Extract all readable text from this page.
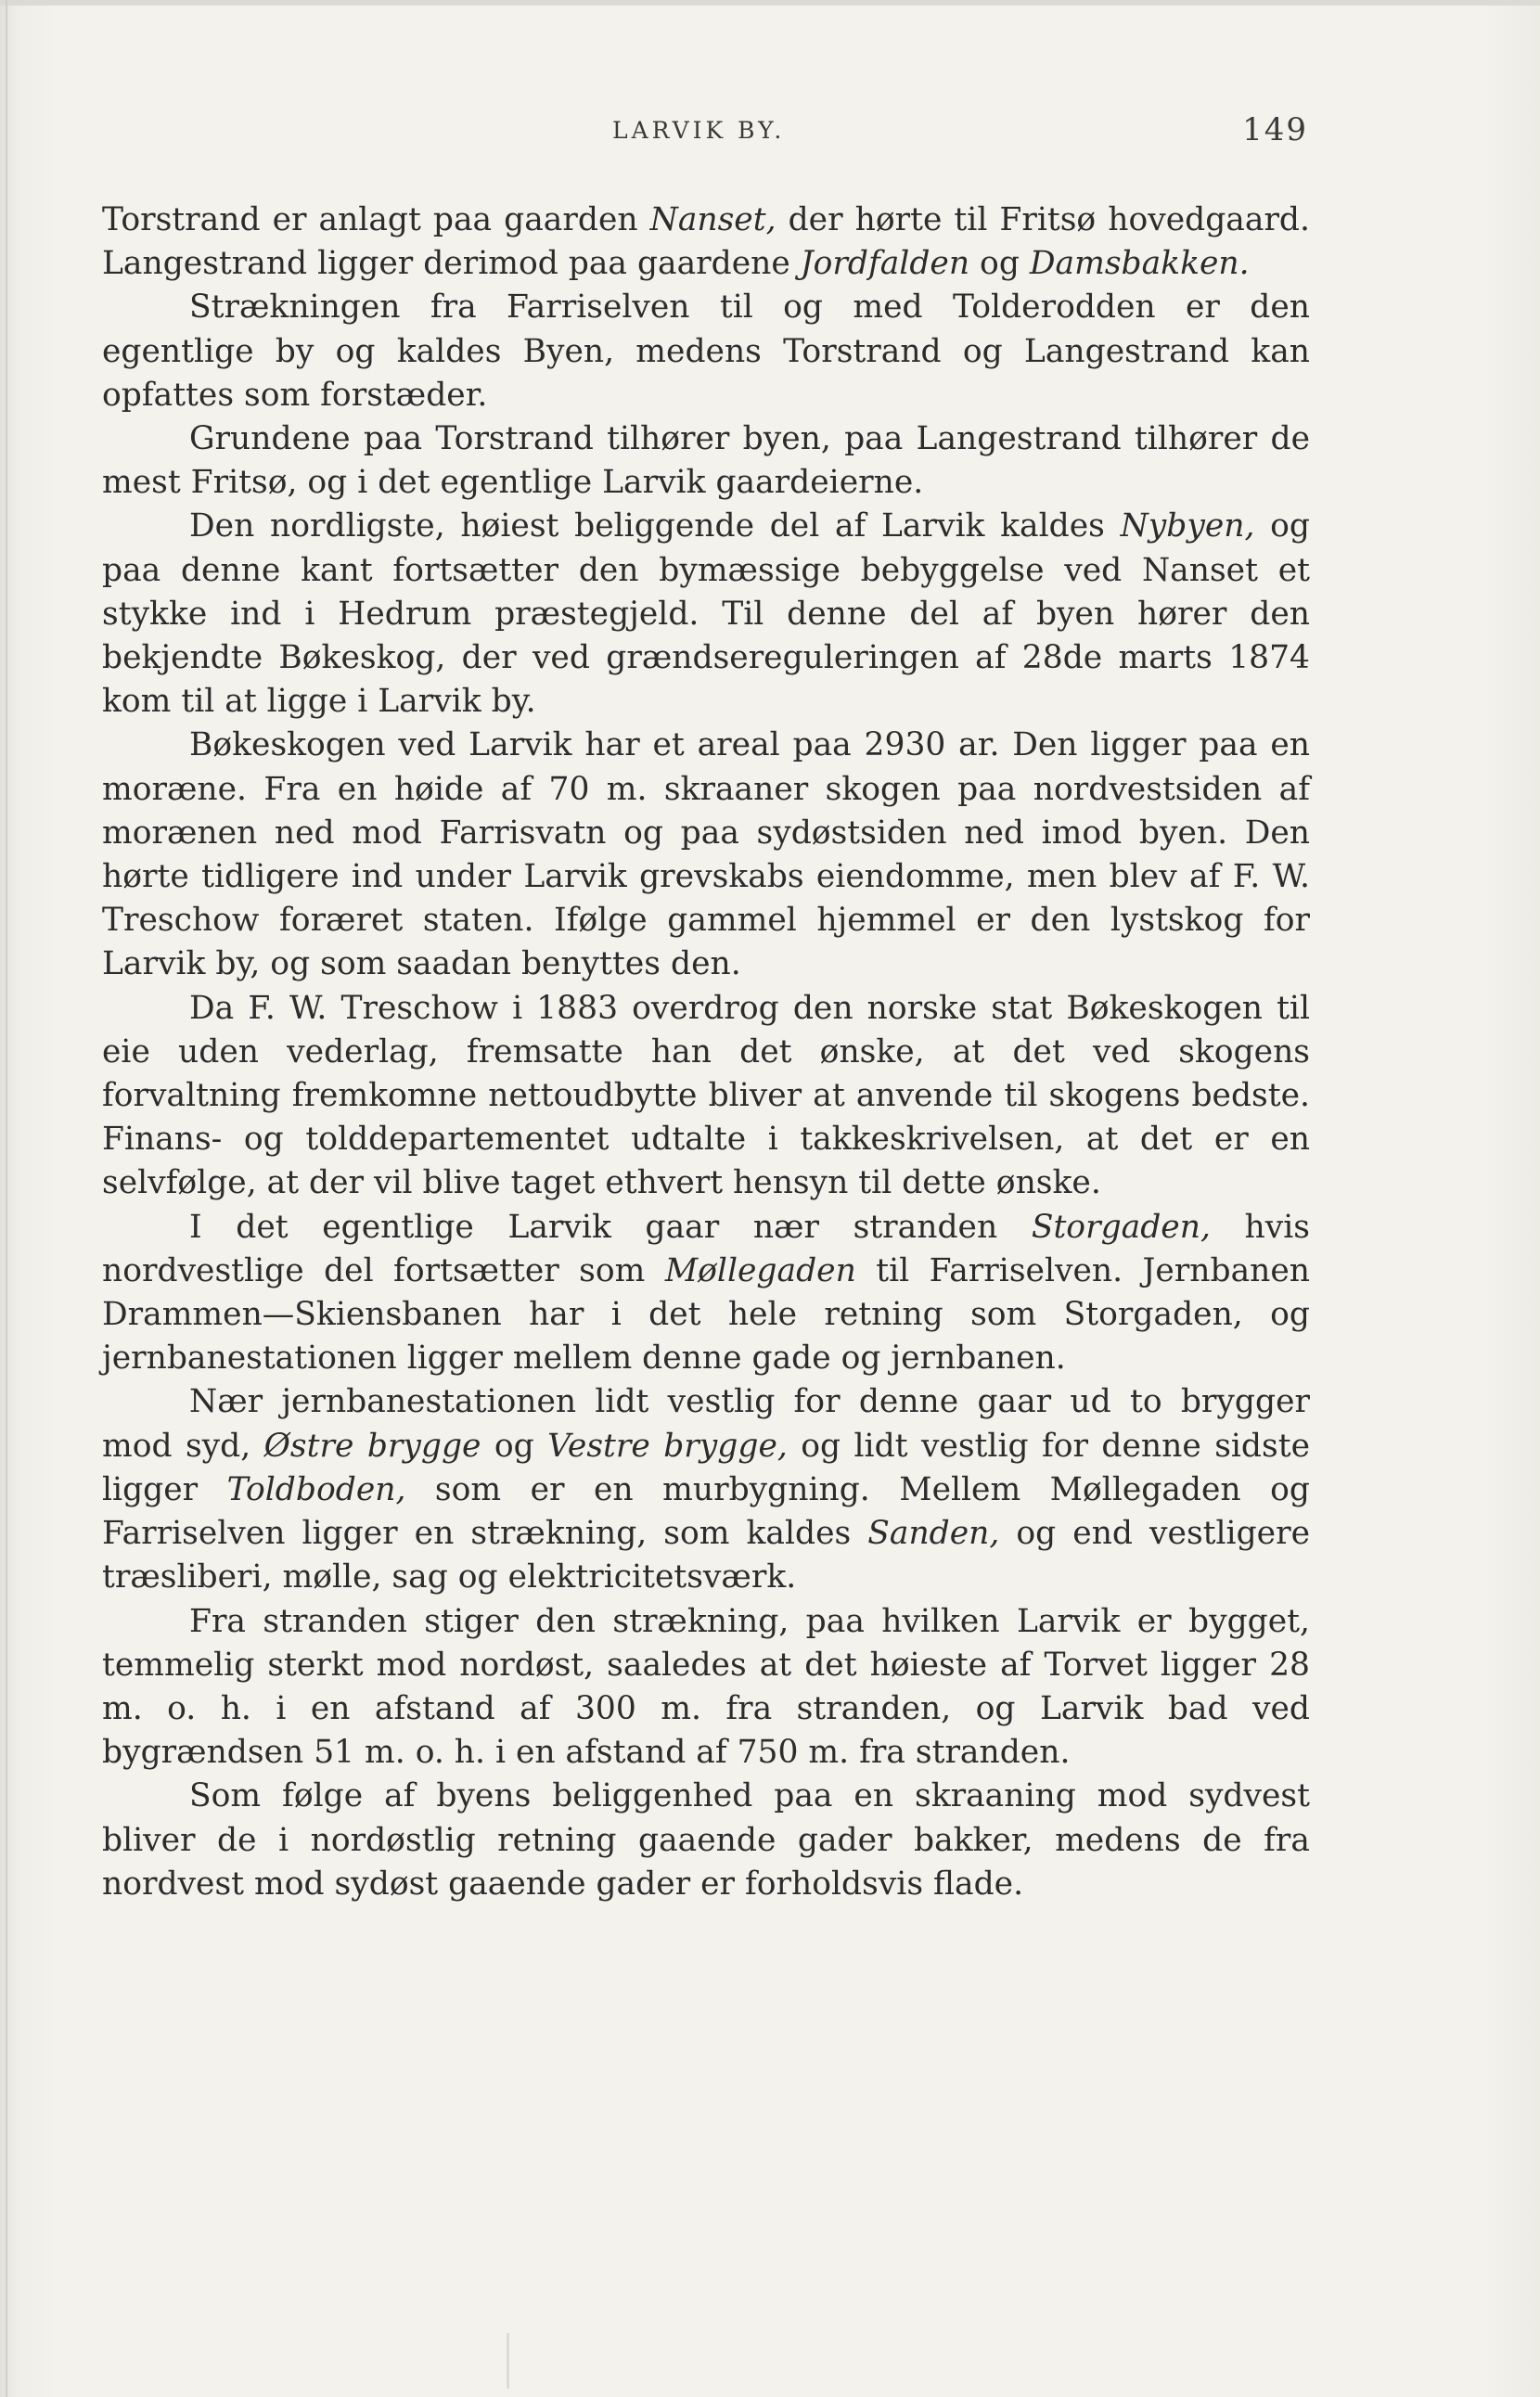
LARVIK BY.	149

Torstrand er anlagt paa gaarden Nanset, der hørte til Fritsø hovedgaard. Langestrand ligger derimod paa gaardene Jordfalden og Damsbakken.

Strækningen fra Farriselven til og med Tolderodden er den egentlige by og kaldes Byen, medens Torstrand og Langestrand kan opfattes som forstæder.

Grundene paa Torstrand tilhører byen, paa Langestrand tilhører de mest Fritsø, og i det egentlige Larvik gaardeierne.

Den nordligste, høiest beliggende del af Larvik kaldes Nybyen, og paa denne kant fortsætter den bymæssige bebyggelse ved Nanset et stykke ind i Hedrum præstegjeld. Til denne del af byen hører den bekjendte Bøkeskog, der ved grændsereguleringen af 28de marts 1874 kom til at ligge i Larvik by.

Bøkeskogen ved Larvik har et areal paa 2930 ar. Den ligger paa en moræne. Fra en høide af 70 m. skraaner skogen paa nordvestsiden af morænen ned mod Farrisvatn og paa sydøstsiden ned imod byen. Den hørte tidligere ind under Larvik grevskabs eiendomme, men blev af F. W. Treschow foræret staten. Ifølge gammel hjemmel er den lystskog for Larvik by, og som saadan benyttes den.

Da F. W. Treschow i 1883 overdrog den norske stat Bøkeskogen til eie uden vederlag, fremsatte han det ønske, at det ved skogens forvaltning fremkomne nettoudbytte bliver at anvende til skogens bedste. Finans- og tolddepartementet udtalte i takkeskrivelsen, at det er en selvfølge, at der vil blive taget ethvert hensyn til dette ønske.

I det egentlige Larvik gaar nær stranden Storgaden, hvis nordvestlige del fortsætter som Møllegaden til Farriselven. Jernbanen Drammen—Skiensbanen har i det hele retning som Storgaden, og jernbanestationen ligger mellem denne gade og jernbanen.

Nær jernbanestationen lidt vestlig for denne gaar ud to brygger mod syd, Østre brygge og Vestre brygge, og lidt vestlig for denne sidste ligger Toldboden, som er en murbygning. Mellem Møllegaden og Farriselven ligger en strækning, som kaldes Sanden, og end vestligere træsliberi, mølle, sag og elektricitetsværk.

Fra stranden stiger den strækning, paa hvilken Larvik er bygget, temmelig sterkt mod nordøst, saaledes at det høieste af Torvet ligger 28 m. o. h. i en afstand af 300 m. fra stranden, og Larvik bad ved bygrændsen 51 m. o. h. i en afstand af 750 m. fra stranden.

Som følge af byens beliggenhed paa en skraaning mod sydvest bliver de i nordøstlig retning gaaende gader bakker, medens de fra nordvest mod sydøst gaaende gader er forholdsvis flade.
